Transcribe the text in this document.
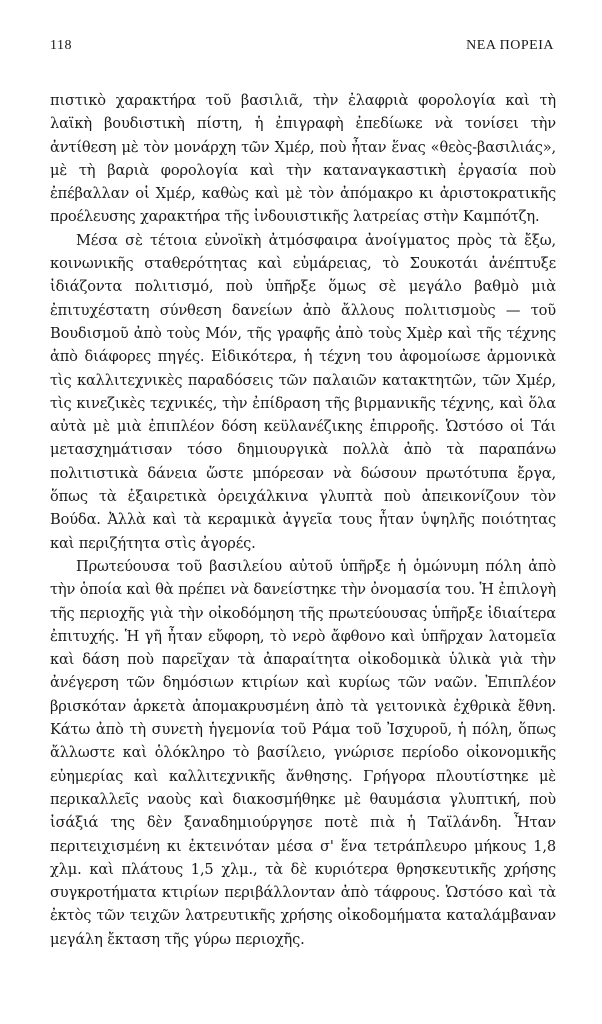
118	ΝΕΑ ΠΟΡΕΙΑ

πιστικὸ χαρακτήρα τοῦ βασιλιᾶ, τὴν ἐλαφριὰ φορολογία καὶ τὴ λαϊκὴ βουδιστικὴ πίστη, ἡ ἐπιγραφὴ ἐπεδίωκε νὰ τονίσει τὴν ἀντίθεση μὲ τὸν μονάρχη τῶν Χμέρ, ποὺ ἦταν ἕνας «θεὸς-βασιλιάς», μὲ τὴ βαριὰ φορολογία καὶ τὴν καταναγκαστικὴ ἐργασία ποὺ ἐπέβαλλαν οἱ Χμέρ, καθὼς καὶ μὲ τὸν ἀπόμακρο κι ἀριστοκρατικῆς προέλευσης χαρακτήρα τῆς ἰνδουιστικῆς λατρείας στὴν Καμπότζη.

Μέσα σὲ τέτοια εὐνοϊκὴ ἀτμόσφαιρα ἀνοίγματος πρὸς τὰ ἔξω, κοινωνικῆς σταθερότητας καὶ εὐμάρειας, τὸ Σουκοτάι ἀνέπτυξε ἰδιάζοντα πολιτισμό, ποὺ ὑπῆρξε ὅμως σὲ μεγάλο βαθμὸ μιὰ ἐπιτυχέστατη σύνθεση δανείων ἀπὸ ἄλλους πολιτισμοὺς — τοῦ Βουδισμοῦ ἀπὸ τοὺς Μόν, τῆς γραφῆς ἀπὸ τοὺς Χμὲρ καὶ τῆς τέχνης ἀπὸ διάφορες πηγές. Εἰδικότερα, ἡ τέχνη του ἀφομοίωσε ἁρμονικὰ τὶς καλλιτεχνικὲς παραδόσεις τῶν παλαιῶν κατακτητῶν, τῶν Χμέρ, τὶς κινεζικὲς τεχνικές, τὴν ἐπίδραση τῆς βιρμανικῆς τέχνης, καὶ ὅλα αὐτὰ μὲ μιὰ ἐπιπλέον δόση κεϋλανέζικης ἐπιρροῆς. Ὡστόσο οἱ Τάι μετασχημάτισαν τόσο δημιουργικὰ πολλὰ ἀπὸ τὰ παραπάνω πολιτιστικὰ δάνεια ὥστε μπόρεσαν νὰ δώσουν πρωτότυπα ἔργα, ὅπως τὰ ἐξαιρετικὰ ὀρειχάλκινα γλυπτὰ ποὺ ἀπεικονίζουν τὸν Βούδα. Ἀλλὰ καὶ τὰ κεραμικὰ ἀγγεῖα τους ἦταν ὑψηλῆς ποιότητας καὶ περιζήτητα στὶς ἀγορές.

Πρωτεύουσα τοῦ βασιλείου αὐτοῦ ὑπῆρξε ἡ ὁμώνυμη πόλη ἀπὸ τὴν ὁποία καὶ θὰ πρέπει νὰ δανείστηκε τὴν ὀνομασία του. Ἡ ἐπιλογὴ τῆς περιοχῆς γιὰ τὴν οἰκοδόμηση τῆς πρωτεύουσας ὑπῆρξε ἰδιαίτερα ἐπιτυχής. Ἡ γῆ ἦταν εὔφορη, τὸ νερὸ ἄφθονο καὶ ὑπῆρχαν λατομεῖα καὶ δάση ποὺ παρεῖχαν τὰ ἀπαραίτητα οἰκοδομικὰ ὑλικὰ γιὰ τὴν ἀνέγερση τῶν δημόσιων κτιρίων καὶ κυρίως τῶν ναῶν. Ἐπιπλέον βρισκόταν ἀρκετὰ ἀπομακρυσμένη ἀπὸ τὰ γειτονικὰ ἐχθρικὰ ἔθνη. Κάτω ἀπὸ τὴ συνετὴ ἡγεμονία τοῦ Ράμα τοῦ Ἰσχυροῦ, ἡ πόλη, ὅπως ἄλλωστε καὶ ὁλόκληρο τὸ βασίλειο, γνώρισε περίοδο οἰκονομικῆς εὐημερίας καὶ καλλιτεχνικῆς ἄνθησης. Γρήγορα πλουτίστηκε μὲ περικαλλεῖς ναοὺς καὶ διακοσμήθηκε μὲ θαυμάσια γλυπτική, ποὺ ἰσάξιά της δὲν ξαναδημιούργησε ποτὲ πιὰ ἡ Ταϊλάνδη. Ἦταν περιτειχισμένη κι ἐκτεινόταν μέσα σ' ἕνα τετράπλευρο μήκους 1,8 χλμ. καὶ πλάτους 1,5 χλμ., τὰ δὲ κυριότερα θρησκευτικῆς χρήσης συγκροτήματα κτιρίων περιβάλλονταν ἀπὸ τάφρους. Ὡστόσο καὶ τὰ ἐκτὸς τῶν τειχῶν λατρευτικῆς χρήσης οἰκοδομήματα καταλάμβαναν μεγάλη ἔκταση τῆς γύρω περιοχῆς.
